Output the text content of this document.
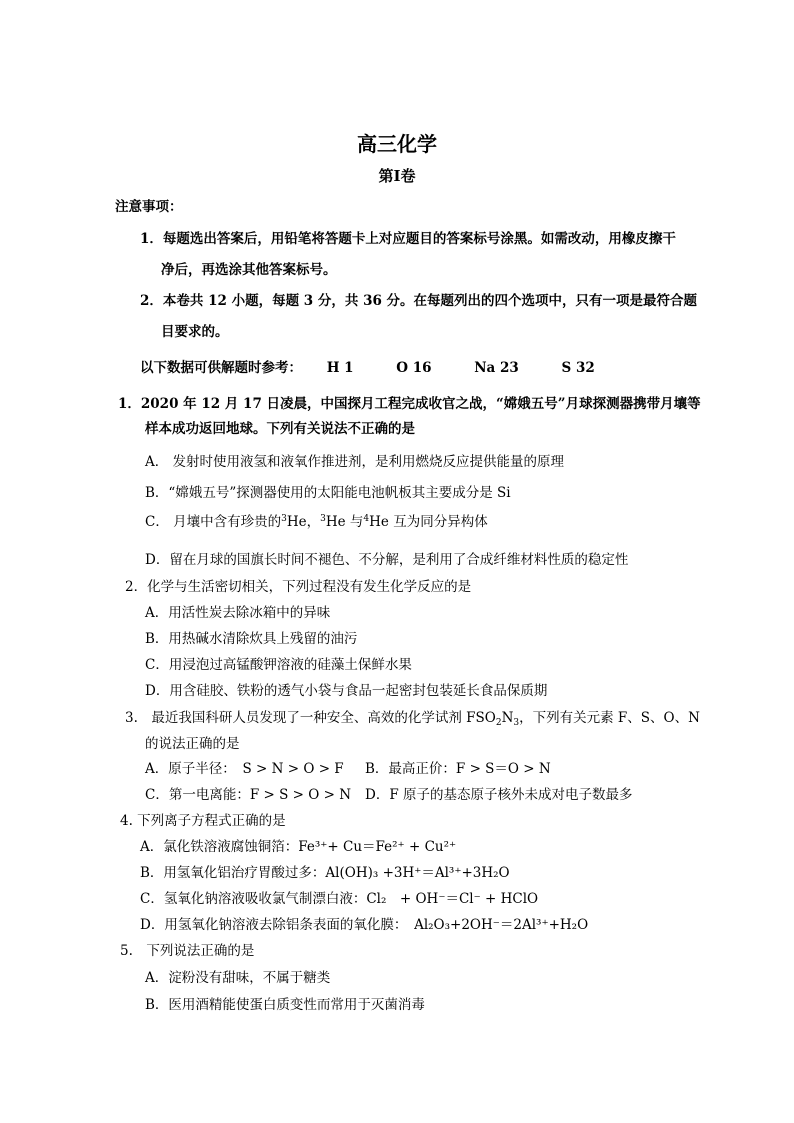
高三化学
第Ⅰ卷
注意事项：
1．每题选出答案后，用铅笔将答题卡上对应题目的答案标号涂黑。如需改动，用橡皮擦干
净后，再选涂其他答案标号。
2．本卷共 12 小题，每题 3 分，共 36 分。在每题列出的四个选项中，只有一项是最符合题
目要求的。
以下数据可供解题时参考： H 1	O 16	Na 23	S 32
1．2020 年 12 月 17 日凌晨，中国探月工程完成收官之战，“嫦娥五号”月球探测器携带月壤等
样本成功返回地球。下列有关说法不正确的是
A． 发射时使用液氢和液氧作推进剂，是利用燃烧反应提供能量的原理
B．“嫦娥五号”探测器使用的太阳能电池帆板其主要成分是 Si
C． 月壤中含有珍贵的$^3$He，$^3$He 与$^4$He 互为同分异构体
D．留在月球的国旗长时间不褪色、不分解，是利用了合成纤维材料性质的稳定性
2．化学与生活密切相关，下列过程没有发生化学反应的是
A．用活性炭去除冰箱中的异味
B．用热碱水清除炊具上残留的油污
C．用浸泡过高锰酸钾溶液的硅藻土保鲜水果
D．用含硅胶、铁粉的透气小袋与食品一起密封包装延长食品保质期
3.　最近我国科研人员发现了一种安全、高效的化学试剂 $FSO_2N_3$，下列有关元素 F、S、O、N
的说法正确的是
A．原子半径：　S > N > O > F B．最高正价：F > S＝O > N
C．第一电离能：F > S > O > N D．F 原子的基态原子核外未成对电子数最多
4. 下列离子方程式正确的是
A．氯化铁溶液腐蚀铜箔：Fe³⁺+ Cu＝Fe²⁺ + Cu²⁺
B．用氢氧化铝治疗胃酸过多：Al(OH)₃ +3H⁺＝Al³⁺+3H₂O
C．氢氧化钠溶液吸收氯气制漂白液：Cl₂　+ OH⁻＝Cl⁻ + HClO
D．用氢氧化钠溶液去除铝条表面的氧化膜：　Al₂O₃+2OH⁻＝2Al³⁺+H₂O
5.　下列说法正确的是
A．淀粉没有甜味，不属于糖类
B．医用酒精能使蛋白质变性而常用于灭菌消毒
